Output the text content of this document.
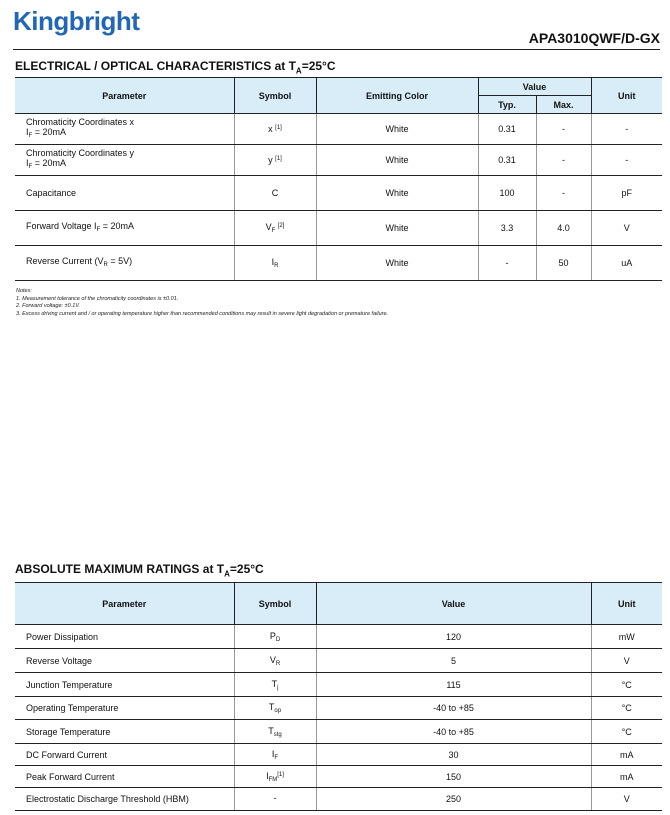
Kingbright
APA3010QWF/D-GX
ELECTRICAL / OPTICAL CHARACTERISTICS at $T_A=25^\circ C$
Parameter	Symbol	Emitting Color	Value		Unit
			Typ.	Max.	
Chromaticity Coordinates x
$I_F = 20mA$	x [1]	White	0.31	-	-
Chromaticity Coordinates y
$I_F = 20mA$	y [1]	White	0.31	-	-
Capacitance	C	White	100	-	pF
Forward Voltage $I_F = 20mA$	$V_F$ [2]	White	3.3	4.0	V
Reverse Current $(V_R = 5V)$	$I_R$	White	-	50	uA
Notes:
1. Measurement tolerance of the chromaticity coordinates is ±0.01.
2. Forward voltage: ±0.1V.
3. Excess driving current and / or operating temperature higher than recommended conditions may result in severe light degradation or premature failure.
ABSOLUTE MAXIMUM RATINGS at $T_A=25^\circ C$
Parameter	Symbol	Value	Unit
Power Dissipation	$P_D$	120	mW
Reverse Voltage	$V_R$	5	V
Junction Temperature	$T_j$	115	°C
Operating Temperature	$T_{op}$	-40 to +85	°C
Storage Temperature	$T_{stg}$	-40 to +85	°C
DC Forward Current	$I_F$	30	mA
Peak Forward Current	$I_{FM}[1]$	150	mA
Electrostatic Discharge Threshold (HBM)	-	250	V
